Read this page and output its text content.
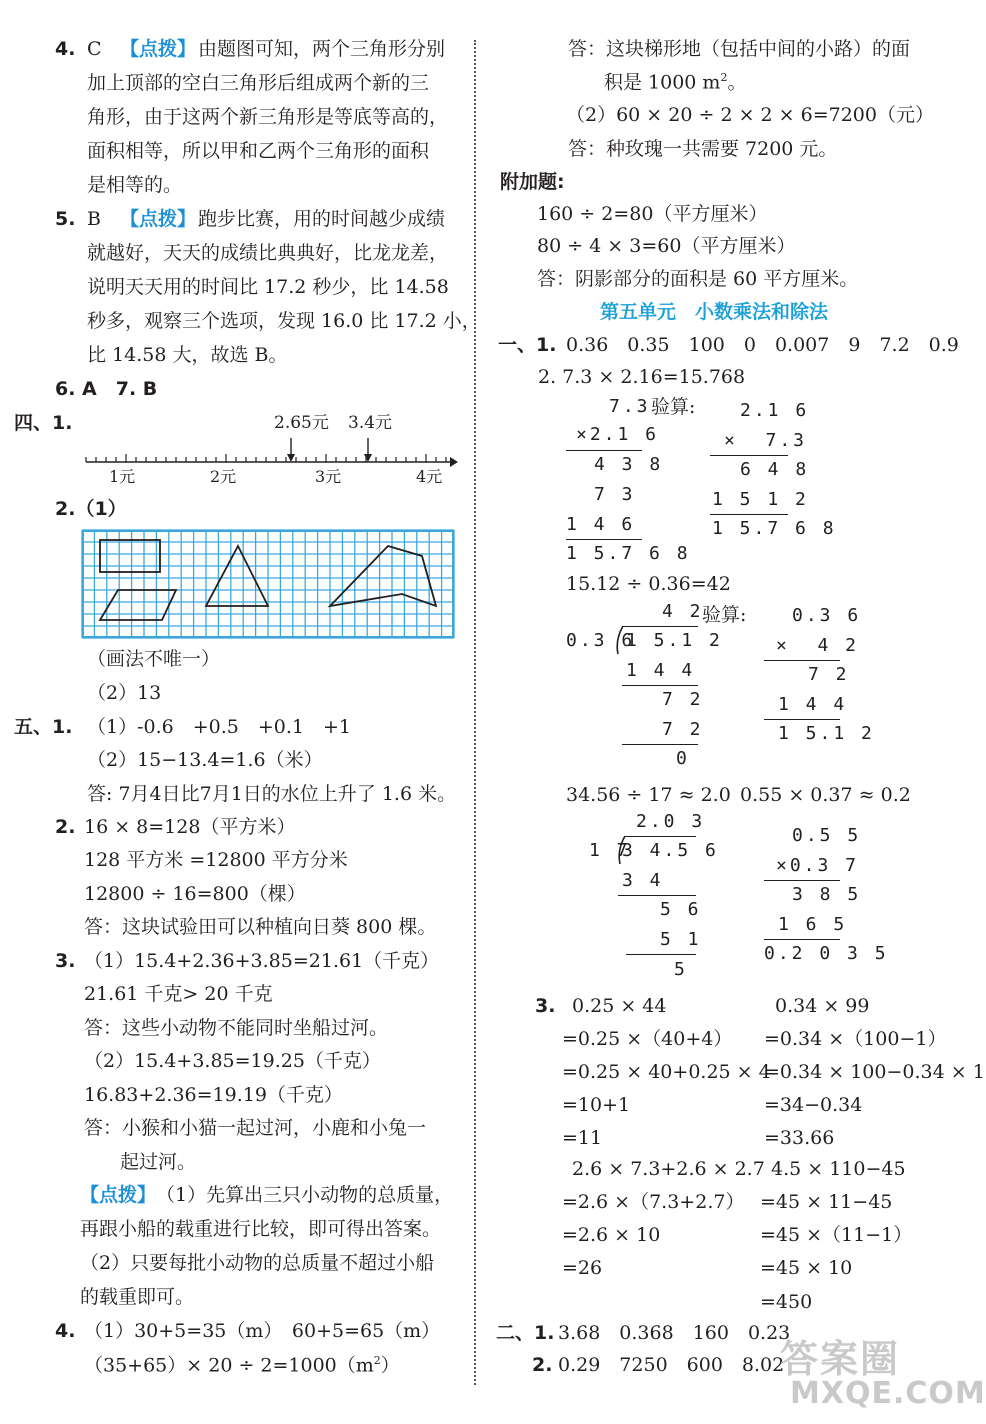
4. C 【点拨】 由题图可知，两个三角形分别
加上顶部的空白三角形后组成两个新的三
角形，由于这两个新三角形是等底等高的，
面积相等，所以甲和乙两个三角形的面积
是相等的。
5. B 【点拨】 跑步比赛，用的时间越少成绩
就越好，天天的成绩比典典好，比龙龙差，
说明天天用的时间比 17.2 秒少，比 14.58
秒多，观察三个选项，发现 16.0 比 17.2 小，
比 14.58 大，故选 B。
6. A　7. B
四、1.	2.65元 3.4元
1元	2元	3元	4元
2.（1）
（画法不唯一）
（2）13
五、1. （1）-0.6　+0.5　+0.1　+1
（2）15−13.4=1.6（米）
答: 7月4日比7月1日的水位上升了 1.6 米。
2. 16 × 8=128（平方米）
128 平方米 =12800 平方分米
12800 ÷ 16=800（棵）
答：这块试验田可以种植向日葵 800 棵。
3. （1）15.4+2.36+3.85=21.61（千克）
21.61 千克> 20 千克
答：这些小动物不能同时坐船过河。
（2）15.4+3.85=19.25（千克）
16.83+2.36=19.19（千克）
答：小猴和小猫一起过河，小鹿和小兔一
起过河。
【点拨】 （1）先算出三只小动物的总质量，
再跟小船的载重进行比较，即可得出答案。
（2）只要每批小动物的总质量不超过小船
的载重即可。
4. （1）30+5=35（m）　60+5=65（m）
$(35+65)\times 20 \div 2=1000(m^2)$
答：这块梯形地（包括中间的小路）的面
积是 1000 $m^2$。
（2）60 × 20 ÷ 2 × 2 × 6=7200（元）
答：种玫瑰一共需要 7200 元。
附加题:
160 ÷ 2=80（平方厘米）
80 ÷ 4 × 3=60（平方厘米）
答：阴影部分的面积是 60 平方厘米。
第五单元　小数乘法和除法
一、1. 0.36　0.35　100　0　0.007　9　7.2　0.9
2. 7.3 × 2.16=15.768
7.3
×2.1 6
4 3 8
7 3
1 4 6
1 5.7 6 8
验算: 2.1 6
×  7.3
6 4 8
1 5 1 2
1 5.7 6 8
15.12 ÷ 0.36=42
4 2
0.3 6
1 5.1 2
1 4 4
7 2
7 2
0
验算:	0.3 6
×  4 2
7 2
1 4 4
1 5.1 2
34.56 ÷ 17 ≈ 2.0 0.55 × 0.37 ≈ 0.2
2.0 3
1 7
3 4.5 6
3 4
5 6
5 1
5
0.5 5
×0.3 7
3 8 5
1 6 5
0.2 0 3 5
3. 0.25 × 44
=0.25 ×（40+4）
=0.25 × 40+0.25 × 4
=10+1
=11
0.34 × 99
=0.34 ×（100−1）
=0.34 × 100−0.34 × 1
=34−0.34
=33.66
2.6 × 7.3+2.6 × 2.7
=2.6 ×（7.3+2.7）
=2.6 × 10
=26
4.5 × 110−45
=45 × 11−45
=45 ×（11−1）
=45 × 10
=450
二、1. 3.68　0.368　160　0.23
2. 0.29　7250　600　8.02
答案圈
MXQE.COM
